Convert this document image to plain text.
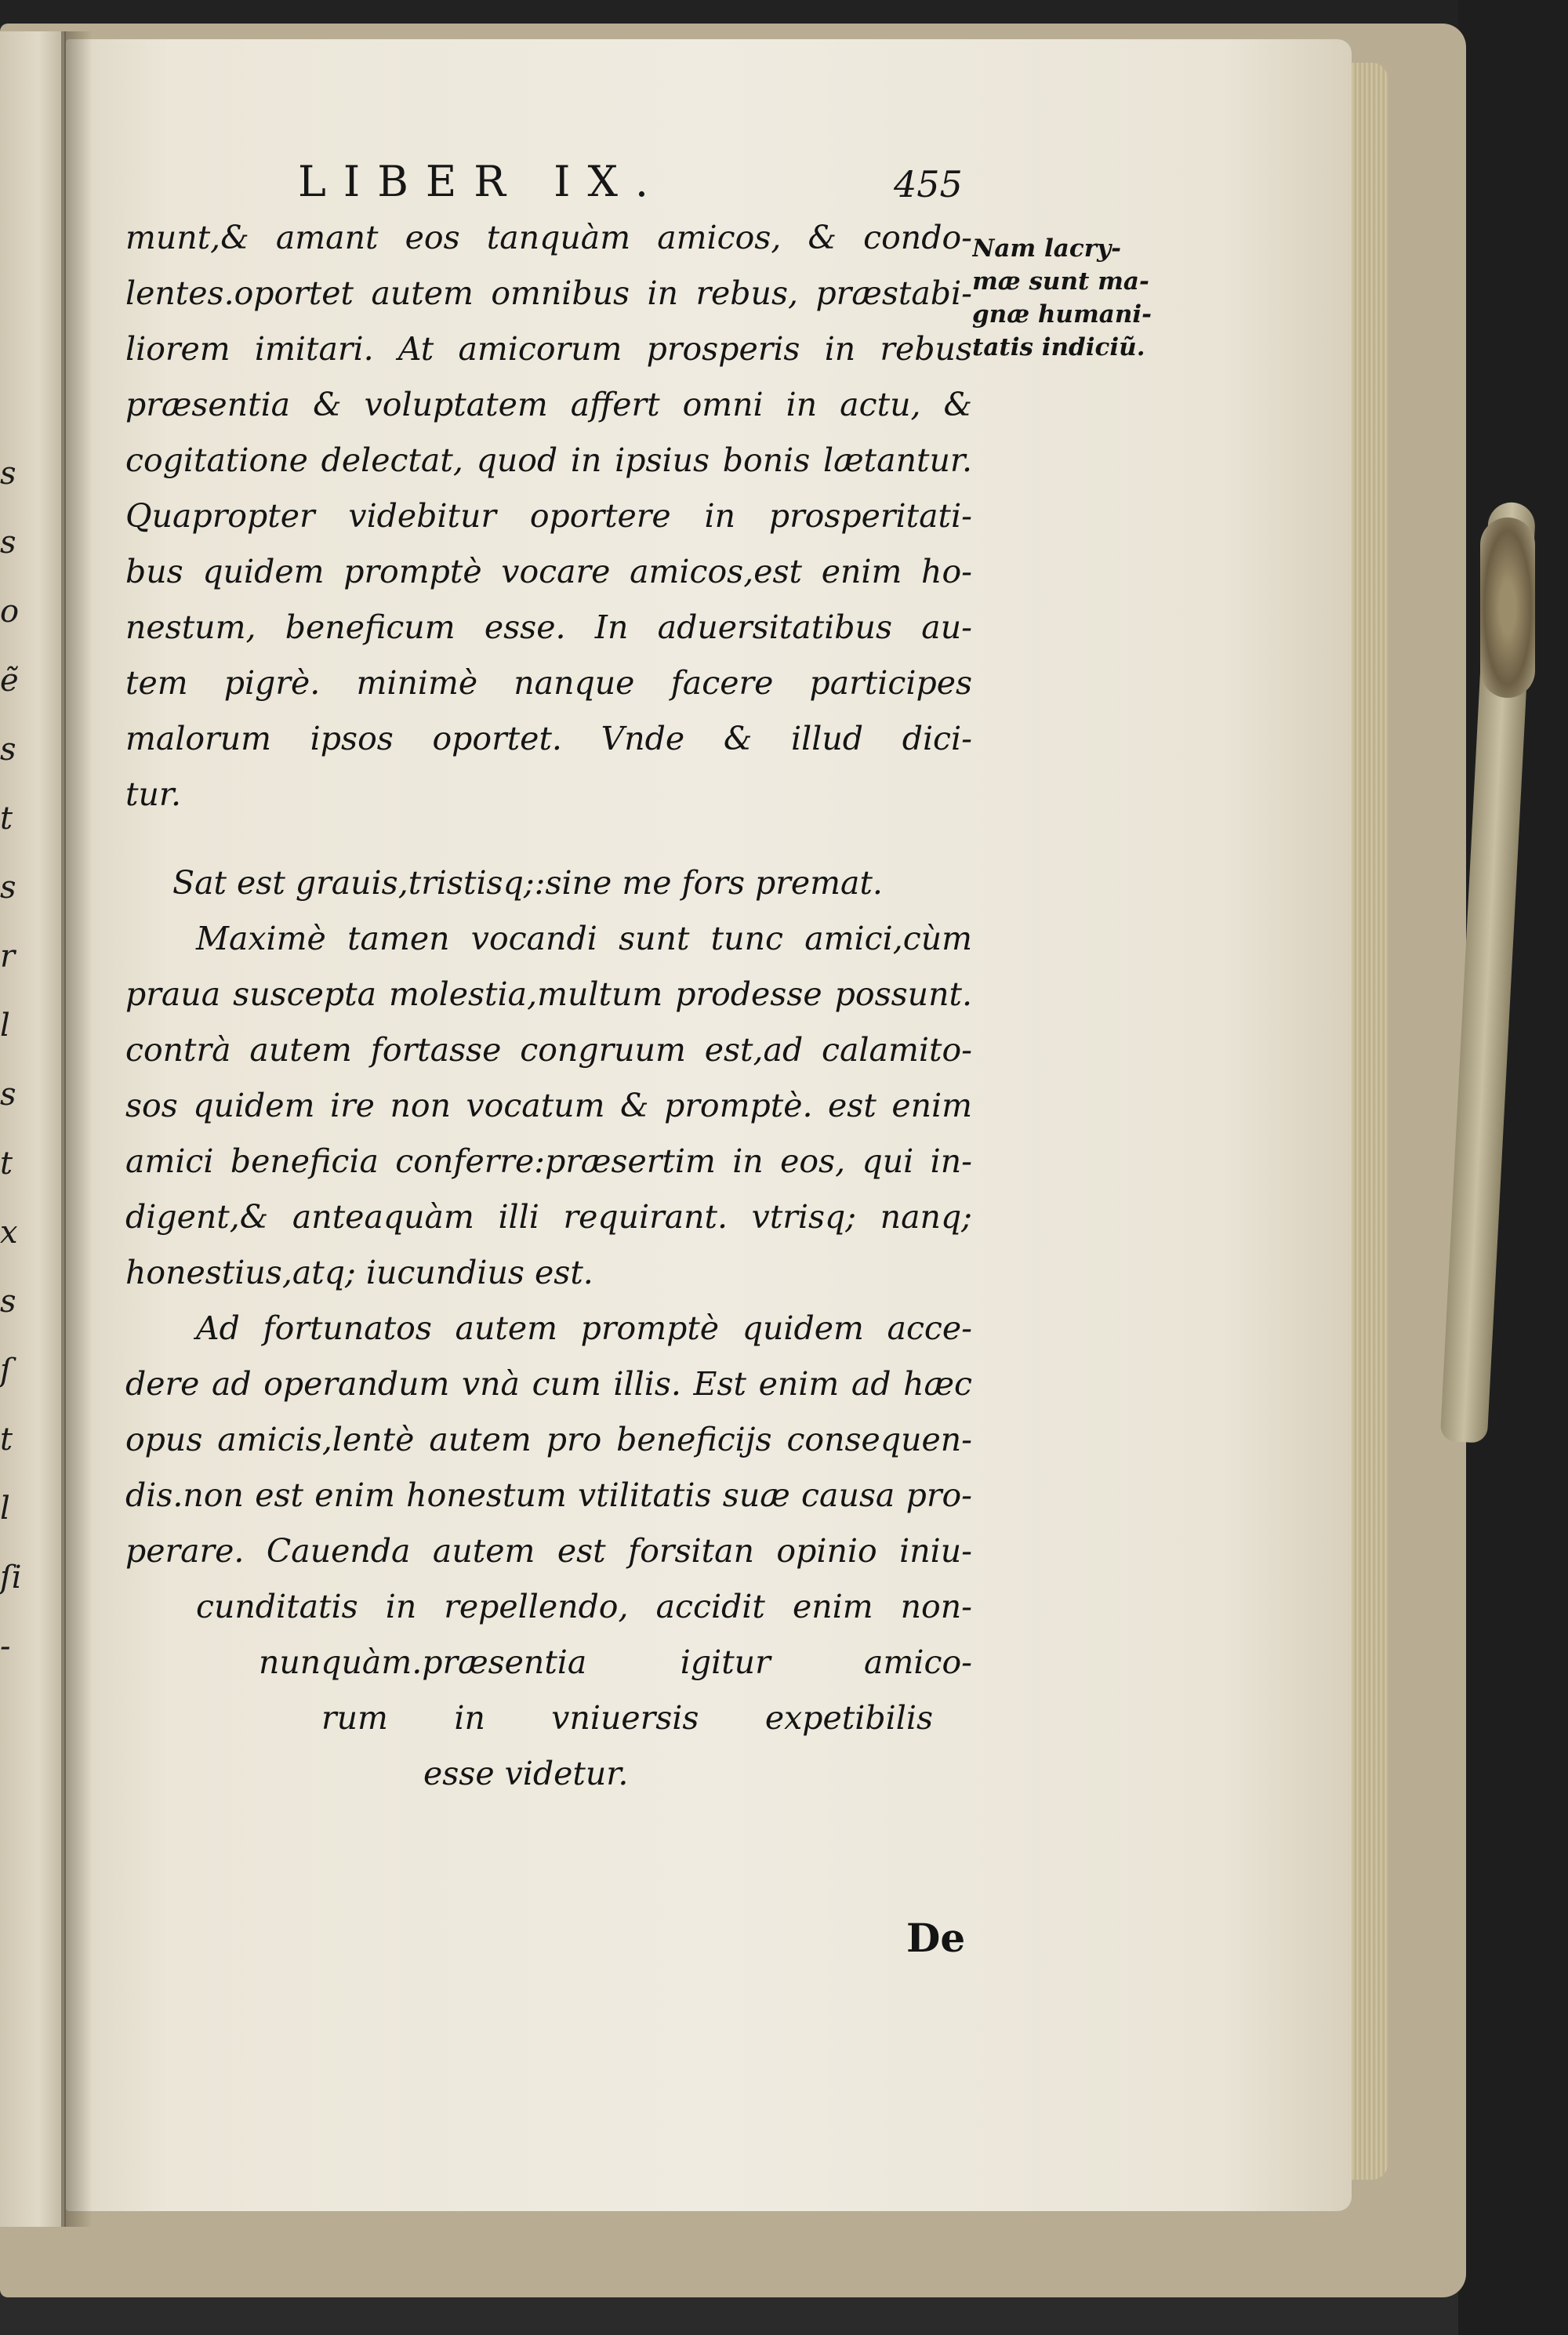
s
s
o
ẽ
s
t
s
r
l
s
t
x
s
ſ
t
l
ſi
-
LIBER IX.	455
munt,& amant eos tanquàm amicos, & condo-
lentes.oportet autem omnibus in rebus, præstabi-
liorem imitari. At amicorum prosperis in rebus
præsentia & voluptatem affert omni in actu, &
cogitatione delectat, quod in ipsius bonis lætantur.
Quapropter videbitur oportere in prosperitati-
bus quidem promptè vocare amicos,est enim ho-
nestum, beneficum esse. In aduersitatibus au-
tem pigrè. minimè nanque facere participes
malorum ipsos oportet. Vnde & illud dici-
tur.
Sat est grauis,tristisq;:sine me fors premat.
Maximè tamen vocandi sunt tunc amici,cùm
praua suscepta molestia,multum prodesse possunt.
contrà autem fortasse congruum est,ad calamito-
sos quidem ire non vocatum & promptè. est enim
amici beneficia conferre:præsertim in eos, qui in-
digent,& anteaquàm illi requirant. vtrisq; nanq;
honestius,atq; iucundius est.
Ad fortunatos autem promptè quidem acce-
dere ad operandum vnà cum illis. Est enim ad hæc
opus amicis,lentè autem pro beneficijs consequen-
dis.non est enim honestum vtilitatis suæ causa pro-
perare. Cauenda autem est forsitan opinio iniu-
cunditatis in repellendo, accidit enim non-
nunquàm.præsentia igitur amico-
rum in vniuersis expetibilis
esse videtur.
Nam lacry-
mæ sunt ma-
gnæ humani-
tatis indiciũ.
De
